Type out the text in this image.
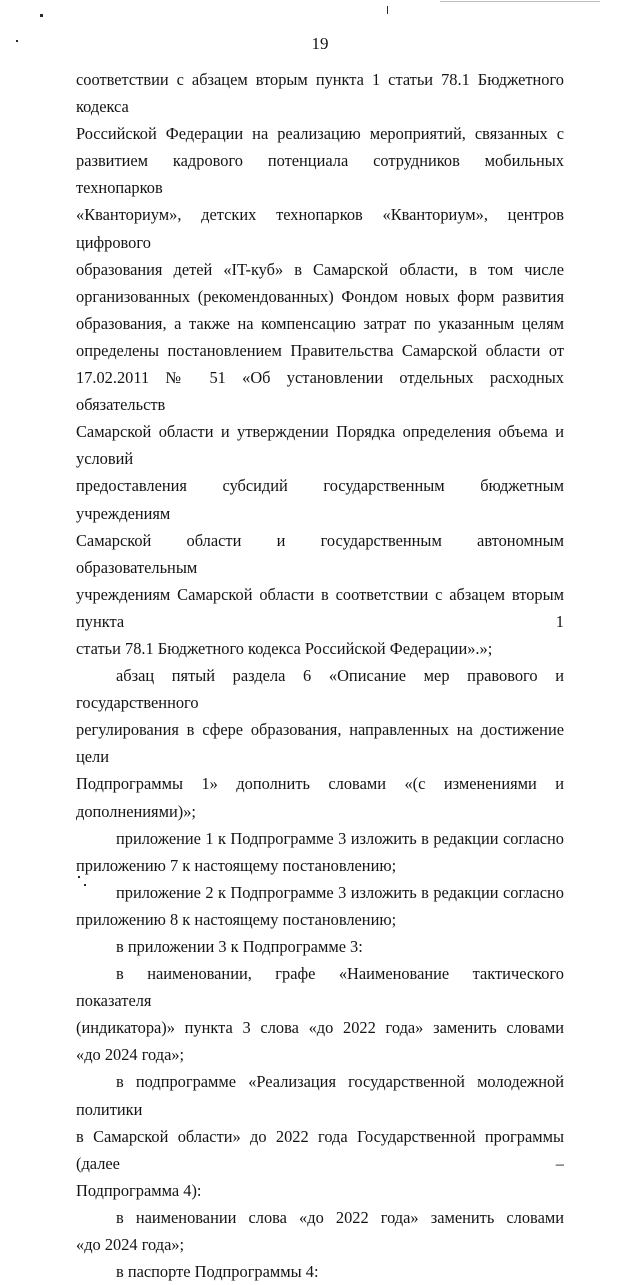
19

соответствии с абзацем вторым пункта 1 статьи 78.1 Бюджетного кодекса

Российской Федерации на реализацию мероприятий, связанных с

развитием кадрового потенциала сотрудников мобильных технопарков

«Кванториум», детских технопарков «Кванториум», центров цифрового

образования детей «IT-куб» в Самарской области, в том числе

организованных (рекомендованных) Фондом новых форм развития

образования, а также на компенсацию затрат по указанным целям

определены постановлением Правительства Самарской области от

17.02.2011 № 51 «Об установлении отдельных расходных обязательств

Самарской области и утверждении Порядка определения объема и условий

предоставления субсидий государственным бюджетным учреждениям

Самарской области и государственным автономным образовательным

учреждениям Самарской области в соответствии с абзацем вторым пункта 1

статьи 78.1 Бюджетного кодекса Российской Федерации».»;

абзац пятый раздела 6 «Описание мер правового и государственного

регулирования в сфере образования, направленных на достижение цели

Подпрограммы 1» дополнить словами «(с изменениями и дополнениями)»;

приложение 1 к Подпрограмме 3 изложить в редакции согласно

приложению 7 к настоящему постановлению;

приложение 2 к Подпрограмме 3 изложить в редакции согласно

приложению 8 к настоящему постановлению;

в приложении 3 к Подпрограмме 3:

в наименовании, графе «Наименование тактического показателя

(индикатора)» пункта 3 слова «до 2022 года» заменить словами

«до 2024 года»;

в подпрограмме «Реализация государственной молодежной политики

в Самарской области» до 2022 года Государственной программы (далее –

Подпрограмма 4):

в наименовании слова «до 2022 года» заменить словами

«до 2024 года»;

в паспорте Подпрограммы 4:
